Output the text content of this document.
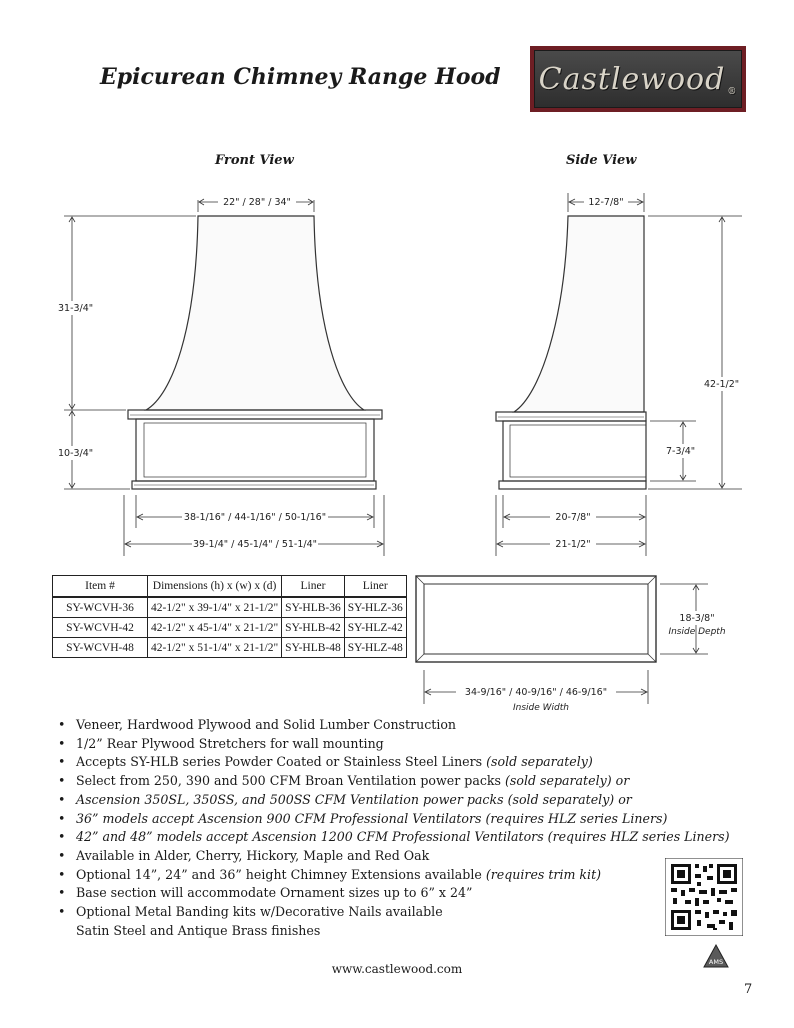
Epicurean Chimney Range Hood Castlewood ®
Front View	Side View
22" / 28" / 34"
31-3/4"
10-3/4"
38-1/16" / 44-1/16" / 50-1/16"
39-1/4" / 45-1/4" / 51-1/4"
12-7/8"
42-1/2"
7-3/4"
20-7/8"
21-1/2"
18-3/8"
Inside Depth
34-9/16" / 40-9/16" / 46-9/16"
Inside Width
Item #	Dimensions (h) x (w) x (d)	Liner	Liner
SY-WCVH-36	42-1/2" x 39-1/4" x 21-1/2"	SY-HLB-36	SY-HLZ-36
SY-WCVH-42	42-1/2" x 45-1/4" x 21-1/2"	SY-HLB-42	SY-HLZ-42
SY-WCVH-48	42-1/2" x 51-1/4" x 21-1/2"	SY-HLB-48	SY-HLZ-48
• Veneer, Hardwood Plywood and Solid Lumber Construction
• 1/2” Rear Plywood Stretchers for wall mounting
• Accepts SY-HLB series Powder Coated or Stainless Steel Liners (sold separately)
• Select from 250, 390 and 500 CFM Broan Ventilation power packs (sold separately) or
• Ascension 350SL, 350SS, and 500SS CFM Ventilation power packs (sold separately) or
• 36” models accept Ascension 900 CFM Professional Ventilators (requires HLZ series Liners)
• 42” and 48” models accept Ascension 1200 CFM Professional Ventilators (requires HLZ series Liners)
• Available in Alder, Cherry, Hickory, Maple and Red Oak
• Optional 14”, 24” and 36” height Chimney Extensions available (requires trim kit)
• Base section will accommodate Ornament sizes up to 6” x 24”
• Optional Metal Banding kits w/Decorative Nails available
Satin Steel and Antique Brass finishes
AMS
www.castlewood.com
7
